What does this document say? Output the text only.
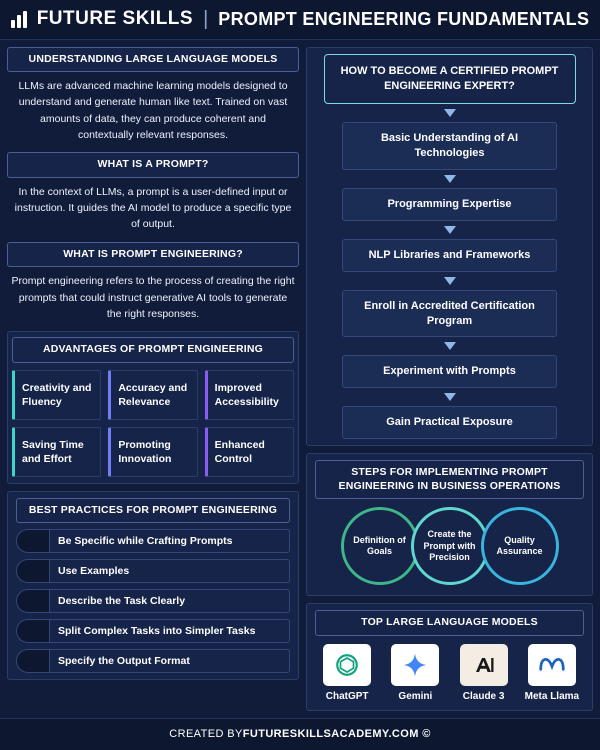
FUTURE SKILLS | PROMPT ENGINEERING FUNDAMENTALS
UNDERSTANDING LARGE LANGUAGE MODELS
LLMs are advanced machine learning models designed to understand and generate human like text. Trained on vast amounts of data, they can produce coherent and contextually relevant responses.
WHAT IS A PROMPT?
In the context of LLMs, a prompt is a user-defined input or instruction. It guides the AI model to produce a specific type of output.
WHAT IS PROMPT ENGINEERING?
Prompt engineering refers to the process of creating the right prompts that could instruct generative AI tools to generate the right responses.
ADVANTAGES OF PROMPT ENGINEERING
Creativity and Fluency
Accuracy and Relevance
Improved Accessibility
Saving Time and Effort
Promoting Innovation
Enhanced Control
BEST PRACTICES FOR PROMPT ENGINEERING
Be Specific while Crafting Prompts
Use Examples
Describe the Task Clearly
Split Complex Tasks into Simpler Tasks
Specify the Output Format
HOW TO BECOME A CERTIFIED PROMPT ENGINEERING EXPERT?
Basic Understanding of AI Technologies
Programming Expertise
NLP Libraries and Frameworks
Enroll in Accredited Certification Program
Experiment with Prompts
Gain Practical Exposure
STEPS FOR IMPLEMENTING PROMPT ENGINEERING IN BUSINESS OPERATIONS
Definition of Goals
Create the Prompt with Precision
Quality Assurance
TOP LARGE LANGUAGE MODELS
ChatGPT	Gemini	Claude 3 Meta Llama
CREATED BY FUTURESKILLSACADEMY.COM ©
